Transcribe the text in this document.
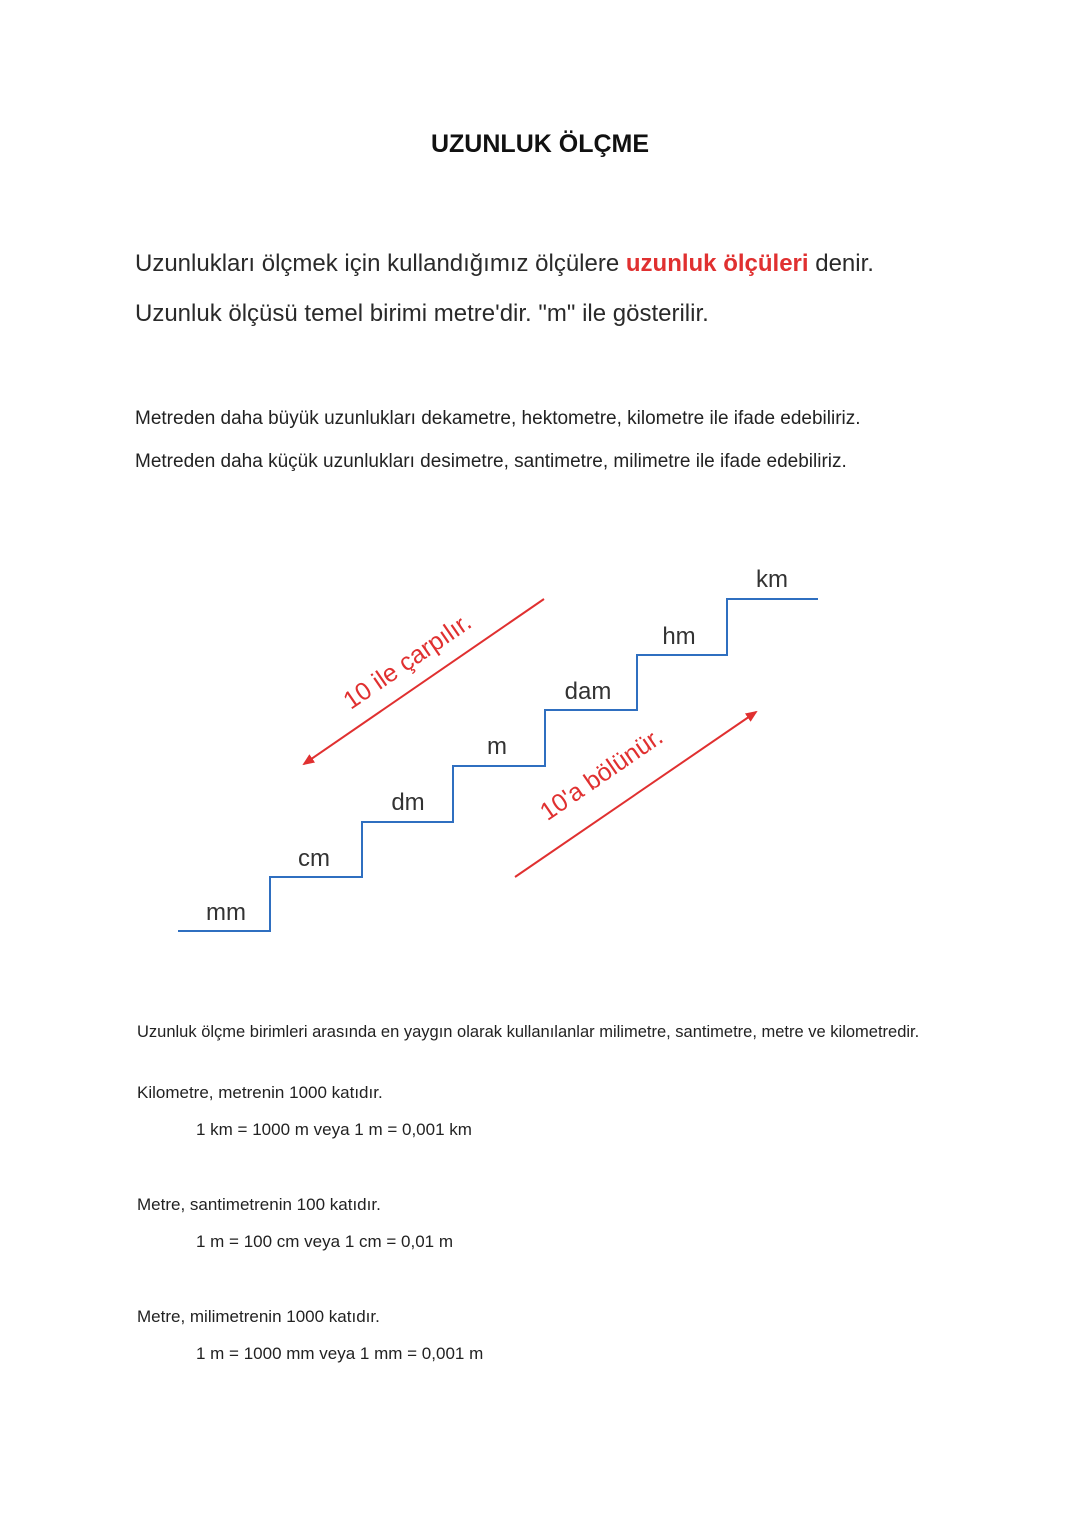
UZUNLUK ÖLÇME
Uzunlukları ölçmek için kullandığımız ölçülere uzunluk ölçüleri denir.
Uzunluk ölçüsü temel birimi metre'dir. "m" ile gösterilir.
Metreden daha büyük uzunlukları dekametre, hektometre, kilometre ile ifade edebiliriz.
Metreden daha küçük uzunlukları desimetre, santimetre, milimetre ile ifade edebiliriz.
mm
cm
dm
m
dam
hm
km
10 ile çarpılır.
10'a bölünür.
Uzunluk ölçme birimleri arasında en yaygın olarak kullanılanlar milimetre, santimetre, metre ve kilometredir.
Kilometre, metrenin 1000 katıdır.
1 km = 1000 m veya 1 m = 0,001 km
Metre, santimetrenin 100 katıdır.
1 m = 100 cm veya 1 cm = 0,01 m
Metre, milimetrenin 1000 katıdır.
1 m = 1000 mm veya 1 mm = 0,001 m
